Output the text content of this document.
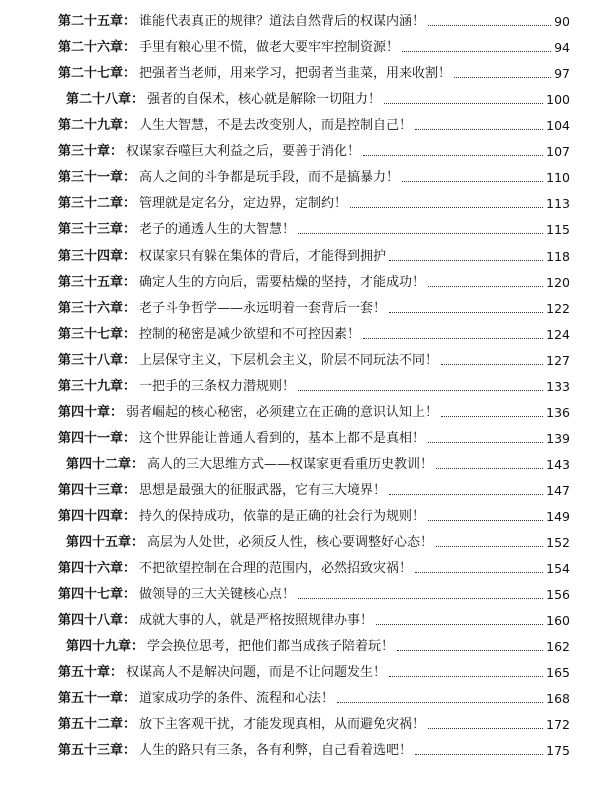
第二十五章： 谁能代表真正的规律？道法自然背后的权谋内涵！	90
第二十六章： 手里有粮心里不慌，做老大要牢牢控制资源！	94
第二十七章： 把强者当老师，用来学习，把弱者当韭菜，用来收割！	97
第二十八章： 强者的自保术，核心就是解除一切阻力！	100
第二十九章： 人生大智慧，不是去改变别人，而是控制自己！	104
第三十章： 权谋家吞噬巨大利益之后，要善于消化！	107
第三十一章： 高人之间的斗争都是玩手段，而不是搞暴力！	110
第三十二章： 管理就是定名分，定边界，定制约！	113
第三十三章： 老子的通透人生的大智慧！	115
第三十四章： 权谋家只有躲在集体的背后，才能得到拥护	118
第三十五章： 确定人生的方向后，需要枯燥的坚持，才能成功！	120
第三十六章： 老子斗争哲学——永远明着一套背后一套！	122
第三十七章： 控制的秘密是减少欲望和不可控因素！	124
第三十八章： 上层保守主义，下层机会主义，阶层不同玩法不同！	127
第三十九章： 一把手的三条权力潜规则！	133
第四十章： 弱者崛起的核心秘密，必须建立在正确的意识认知上！	136
第四十一章： 这个世界能让普通人看到的，基本上都不是真相！	139
第四十二章： 高人的三大思维方式——权谋家更看重历史教训！	143
第四十三章： 思想是最强大的征服武器，它有三大境界！	147
第四十四章： 持久的保持成功，依靠的是正确的社会行为规则！	149
第四十五章： 高层为人处世，必须反人性，核心要调整好心态！	152
第四十六章： 不把欲望控制在合理的范围内，必然招致灾祸！	154
第四十七章： 做领导的三大关键核心点！	156
第四十八章： 成就大事的人，就是严格按照规律办事！	160
第四十九章： 学会换位思考，把他们都当成孩子陪着玩！	162
第五十章： 权谋高人不是解决问题，而是不让问题发生！	165
第五十一章： 道家成功学的条件、流程和心法！	168
第五十二章： 放下主客观干扰，才能发现真相，从而避免灾祸！	172
第五十三章： 人生的路只有三条，各有利弊，自己看着选吧！	175
